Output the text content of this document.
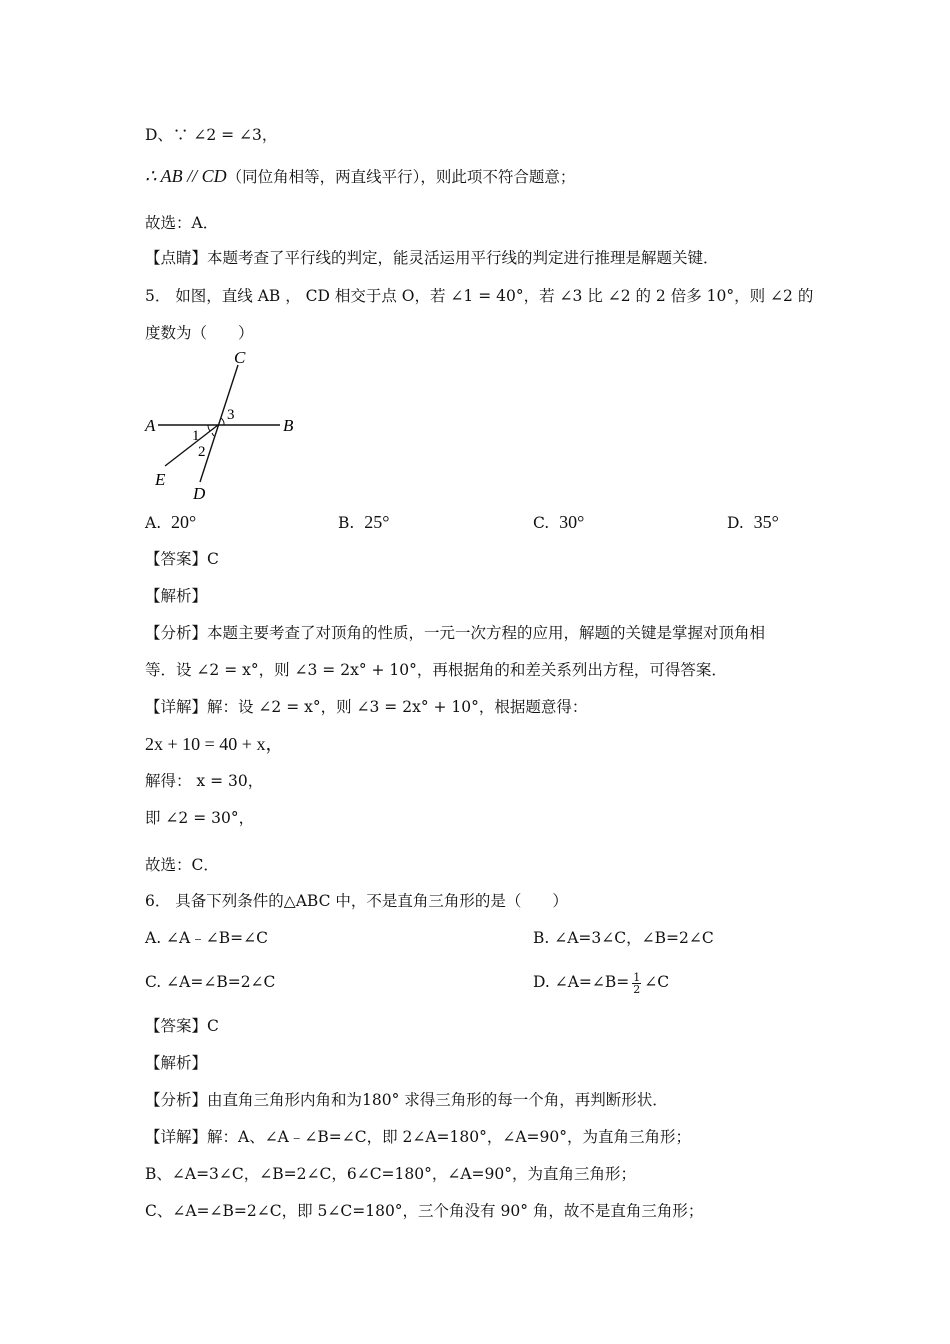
D、∵ ∠2 = ∠3，
∴ AB // CD（同位角相等，两直线平行），则此项不符合题意；
故选：A．
【点睛】本题考查了平行线的判定，能灵活运用平行线的判定进行推理是解题关键．
5． 如图，直线 AB ， CD 相交于点 O，若 ∠1 = 40°，若 ∠3 比 ∠2 的 2 倍多 10°，则 ∠2 的
度数为（　　）
C
A	B
E
D
1
2
3
A. 20°	B. 25°	C. 30°	D. 35°
【答案】C
【解析】
【分析】本题主要考查了对顶角的性质，一元一次方程的应用，解题的关键是掌握对顶角相
等．设 ∠2 = x°，则 ∠3 = 2x° + 10°，再根据角的和差关系列出方程，可得答案．
【详解】解：设 ∠2 = x°，则 ∠3 = 2x° + 10°，根据题意得：
2x + 10 = 40 + x，
解得： x = 30，
即 ∠2 = 30°，
故选：C．
6． 具备下列条件的△ABC 中，不是直角三角形的是（　　）
A. ∠A﹣∠B=∠C	B. ∠A=3∠C，∠B=2∠C
C. ∠A=∠B=2∠C	D. ∠A=∠B= $\frac{1}{2}$ ∠C
【答案】C
【解析】
【分析】由直角三角形内角和为180° 求得三角形的每一个角，再判断形状．
【详解】解：A、∠A﹣∠B=∠C，即 2∠A=180°，∠A=90°，为直角三角形；
B、∠A=3∠C，∠B=2∠C，6∠C=180°，∠A=90°，为直角三角形；
C、∠A=∠B=2∠C，即 5∠C=180°，三个角没有 90° 角，故不是直角三角形；
